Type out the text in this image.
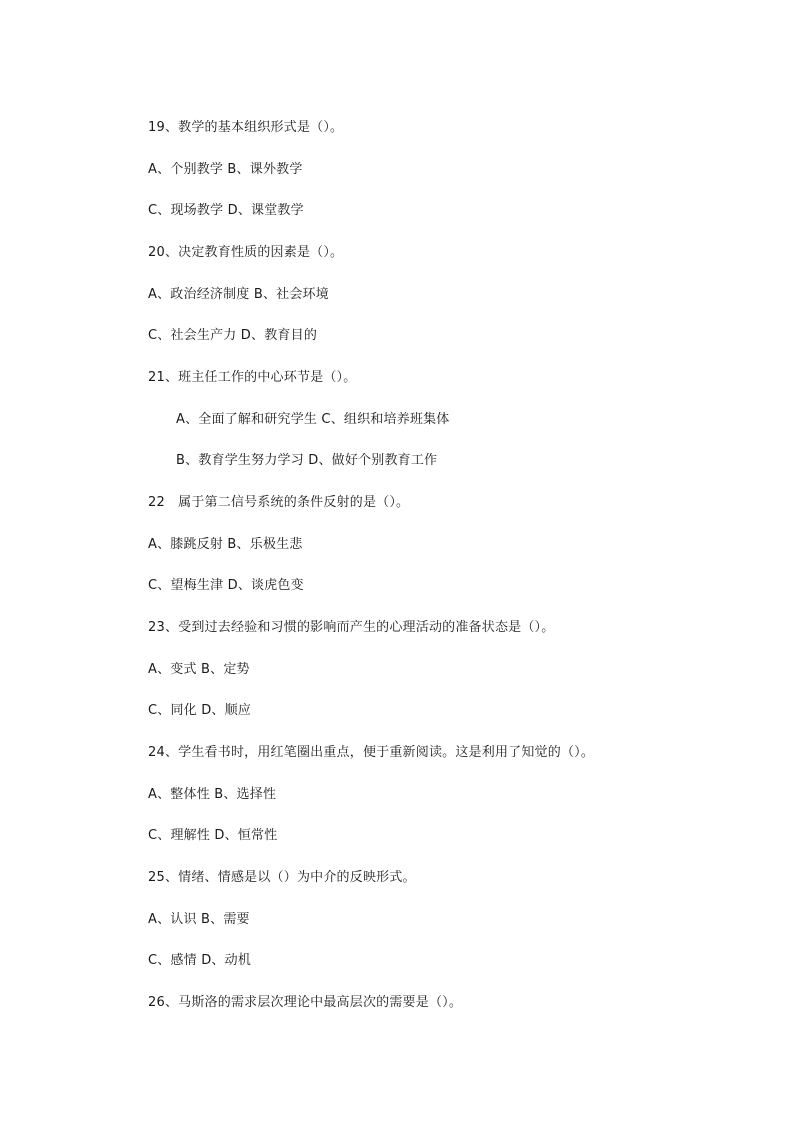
19、教学的基本组织形式是（）。
A、个别教学 B、课外教学
C、现场教学 D、课堂教学
20、决定教育性质的因素是（）。
A、政治经济制度 B、社会环境
C、社会生产力 D、教育目的
21、班主任工作的中心环节是（）。
A、全面了解和研究学生 C、组织和培养班集体
B、教育学生努力学习 D、做好个别教育工作
22　属于第二信号系统的条件反射的是（）。
A、膝跳反射 B、乐极生悲
C、望梅生津 D、谈虎色变
23、受到过去经验和习惯的影响而产生的心理活动的准备状态是（）。
A、变式 B、定势
C、同化 D、顺应
24、学生看书时，用红笔圈出重点，便于重新阅读。这是利用了知觉的（）。
A、整体性 B、选择性
C、理解性 D、恒常性
25、情绪、情感是以（）为中介的反映形式。
A、认识 B、需要
C、感情 D、动机
26、马斯洛的需求层次理论中最高层次的需要是（）。
